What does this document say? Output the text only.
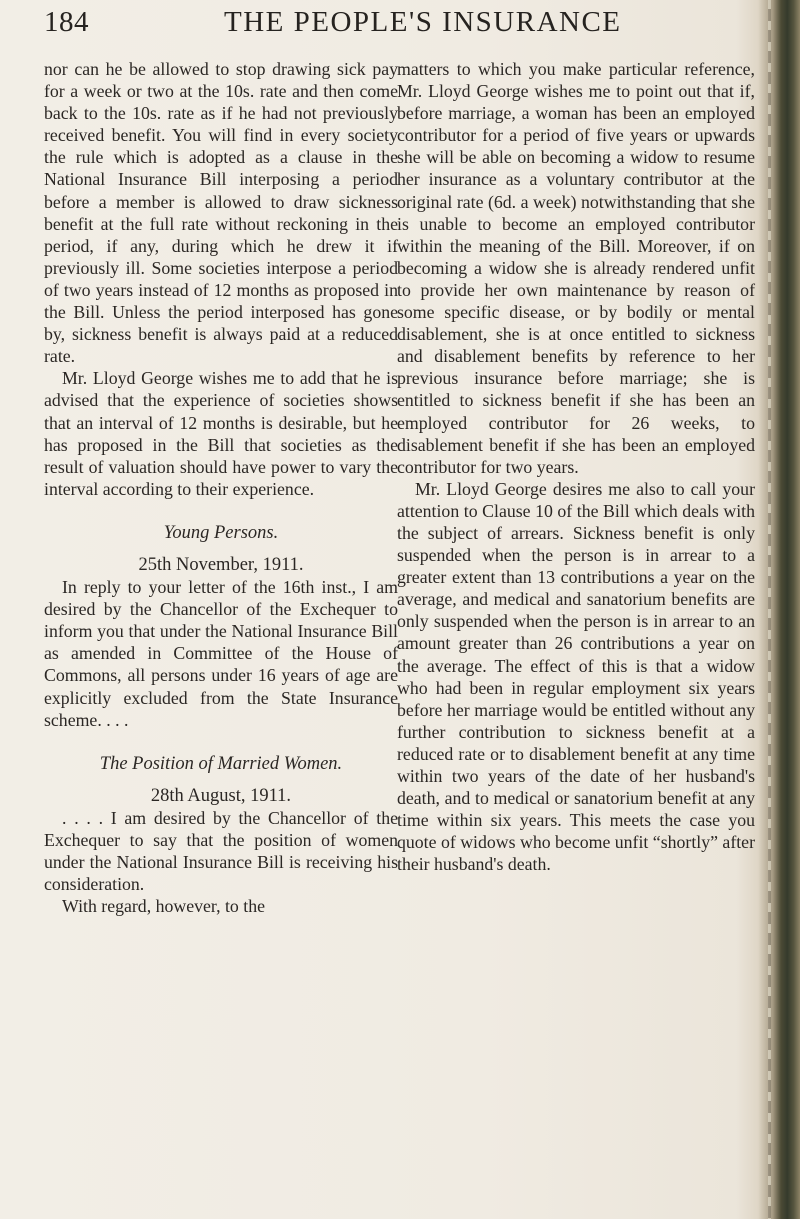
184	THE PEOPLE'S INSURANCE

nor can he be allowed to stop drawing sick pay for a week or two at the 10s. rate and then come back to the 10s. rate as if he had not previously received benefit. You will find in every society the rule which is adopted as a clause in the National Insurance Bill interposing a period before a member is allowed to draw sickness benefit at the full rate without reckoning in the period, if any, during which he drew it if previously ill. Some societies interpose a period of two years instead of 12 months as proposed in the Bill. Unless the period interposed has gone by, sickness benefit is always paid at a reduced rate.

Mr. Lloyd George wishes me to add that he is advised that the experience of societies shows that an interval of 12 months is desirable, but he has proposed in the Bill that societies as the result of valuation should have power to vary the interval according to their experience.

Young Persons.

25th November, 1911.

In reply to your letter of the 16th inst., I am desired by the Chancellor of the Exchequer to inform you that under the National Insurance Bill as amended in Committee of the House of Commons, all persons under 16 years of age are explicitly excluded from the State Insurance scheme. . . .

The Position of Married Women.

28th August, 1911.

. . . . I am desired by the Chancellor of the Exchequer to say that the position of women under the National Insurance Bill is receiving his consideration.

With regard, however, to the

matters to which you make particular reference, Mr. Lloyd George wishes me to point out that if, before marriage, a woman has been an employed contributor for a period of five years or upwards she will be able on becoming a widow to resume her insurance as a voluntary contributor at the original rate (6d. a week) notwithstanding that she is unable to become an employed contributor within the meaning of the Bill. Moreover, if on becoming a widow she is already rendered unfit to provide her own maintenance by reason of some specific disease, or by bodily or mental disablement, she is at once entitled to sickness and disablement benefits by reference to her previous insurance before marriage; she is entitled to sickness benefit if she has been an employed contributor for 26 weeks, to disablement benefit if she has been an employed contributor for two years.

Mr. Lloyd George desires me also to call your attention to Clause 10 of the Bill which deals with the subject of arrears. Sickness benefit is only suspended when the person is in arrear to a greater extent than 13 contributions a year on the average, and medical and sanatorium benefits are only suspended when the person is in arrear to an amount greater than 26 contributions a year on the average. The effect of this is that a widow who had been in regular employment six years before her marriage would be entitled without any further contribution to sickness benefit at a reduced rate or to disablement benefit at any time within two years of the date of her husband's death, and to medical or sanatorium benefit at any time within six years. This meets the case you quote of widows who become unfit “shortly” after their husband's death.
